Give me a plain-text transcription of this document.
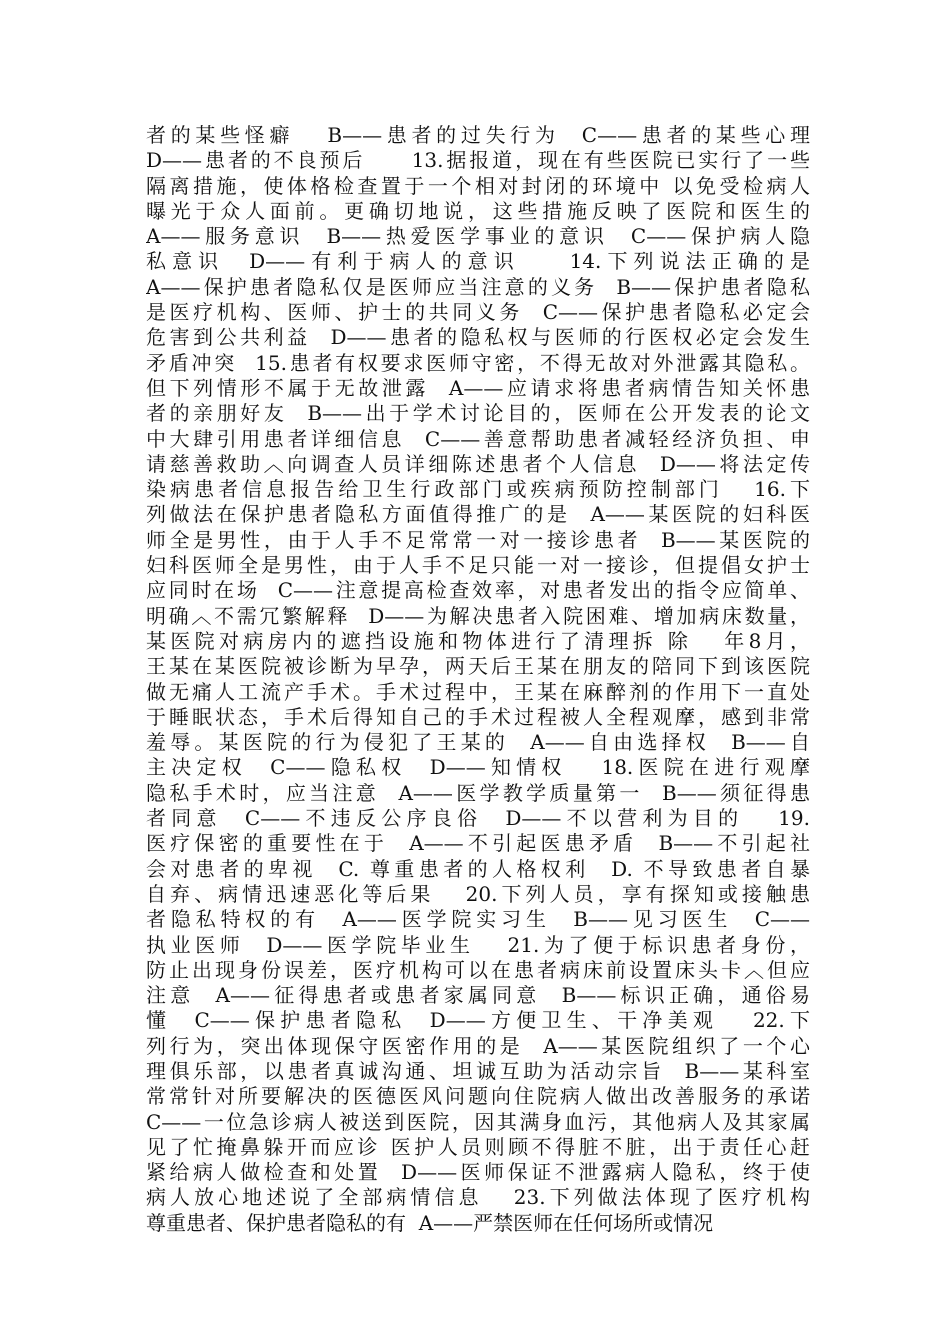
者的某些怪癖   B——患者的过失行为  C——患者的某些心理
D——患者的不良预后     13.据报道，现在有些医院已实行了一些
隔离措施，使体格检查置于一个相对封闭的环境中 以免受检病人
曝光于众人面前。更确切地说，这些措施反映了医院和医生的
A——服务意识  B——热爱医学事业的意识  C——保护病人隐
私意识  D——有利于病人的意识    14.下列说法正确的是
A——保护患者隐私仅是医师应当注意的义务  B——保护患者隐私
是医疗机构、医师、护士的共同义务  C——保护患者隐私必定会
危害到公共利益  D——患者的隐私权与医师的行医权必定会发生
矛盾冲突  15.患者有权要求医师守密，不得无故对外泄露其隐私。
但下列情形不属于无故泄露  A——应请求将患者病情告知关怀患
者的亲朋好友  B——出于学术讨论目的，医师在公开发表的论文
中大肆引用患者详细信息  C——善意帮助患者减轻经济负担、申
请慈善救助︿向调查人员详细陈述患者个人信息  D——将法定传
染病患者信息报告给卫生行政部门或疾病预防控制部门   16.下
列做法在保护患者隐私方面值得推广的是  A——某医院的妇科医
师全是男性，由于人手不足常常一对一接诊患者  B——某医院的
妇科医师全是男性，由于人手不足只能一对一接诊，但提倡女护士
应同时在场  C——注意提高检查效率，对患者发出的指令应简单、
明确︿不需冗繁解释  D——为解决患者入院困难、增加病床数量，
某医院对病房内的遮挡设施和物体进行了清理拆 除   年8月，
王某在某医院被诊断为早孕，两天后王某在朋友的陪同下到该医院
做无痛人工流产手术。手术过程中，王某在麻醉剂的作用下一直处
于睡眠状态，手术后得知自己的手术过程被人全程观摩，感到非常
羞辱。某医院的行为侵犯了王某的  A——自由选择权  B——自
主决定权  C——隐私权  D——知情权   18.医院在进行观摩
隐私手术时，应当注意  A——医学教学质量第一  B——须征得患
者同意  C——不违反公序良俗  D——不以营利为目的   19.
医疗保密的重要性在于  A——不引起医患矛盾  B——不引起社
会对患者的卑视  C. 尊重患者的人格权利  D. 不导致患者自暴
自弃、病情迅速恶化等后果   20.下列人员，享有探知或接触患
者隐私特权的有  A——医学院实习生  B——见习医生  C——
执业医师  D——医学院毕业生   21.为了便于标识患者身份，
防止出现身份误差，医疗机构可以在患者病床前设置床头卡︿但应
注意  A——征得患者或患者家属同意  B——标识正确，通俗易
懂  C——保护患者隐私  D——方便卫生、干净美观   22.下
列行为，突出体现保守医密作用的是  A——某医院组织了一个心
理俱乐部，以患者真诚沟通、坦诚互助为活动宗旨  B——某科室
常常针对所要解决的医德医风问题向住院病人做出改善服务的承诺
C——一位急诊病人被送到医院，因其满身血污，其他病人及其家属
见了忙掩鼻躲开而应诊 医护人员则顾不得脏不脏，出于责任心赶
紧给病人做检查和处置  D——医师保证不泄露病人隐私，终于使
病人放心地述说了全部病情信息   23.下列做法体现了医疗机构
尊重患者、保护患者隐私的有  A——严禁医师在任何场所或情况
